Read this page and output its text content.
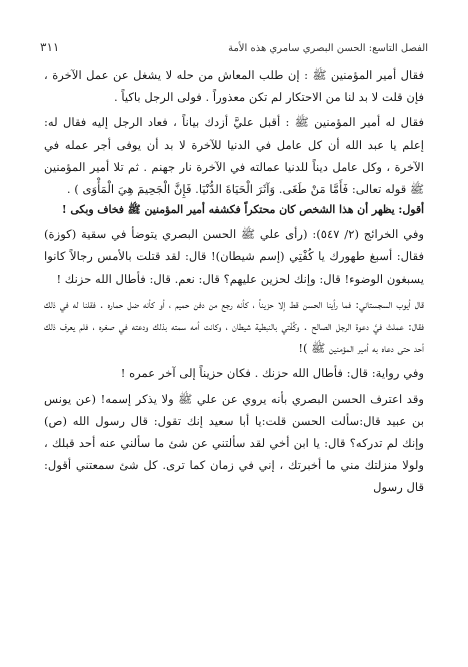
الفصل التاسع: الحسن البصري سامري هذه الأمة
٣١١

فقال أمير المؤمنين ﷺ : إن طلب المعاش من حله لا يشغل عن عمل الآخرة ، فإن قلت لا بد لنا من الاحتكار لم تكن معذوراً . فولى الرجل باكياً .

فقال له أمير المؤمنين ﷺ : أقبل عليَّ أزدك بياناً ، فعاد الرجل إليه فقال له: إعلم يا عبد الله أن كل عامل في الدنيا للآخرة لا بد أن يوفى أجر عمله في الآخرة ، وكل عامل ديناً للدنيا عمالته في الآخرة نار جهنم . ثم تلا أمير المؤمنين ﷺ قوله تعالى: فَأَمَّا مَنْ طَغَى. وَآثَرَ الْحَيَاةَ الدُّنْيَا. فَإِنَّ الْجَحِيمَ هِيَ الْمَأْوَى ) .

أقول: يظهر أن هذا الشخص كان محتكراً فكشفه أمير المؤمنين ﷺ فخاف وبكى !

وفي الخرائج (٢/ ٥٤٧): (رأى علي ﷺ الحسن البصري يتوضأ في سقية (كوزة) فقال: أسبغ طهورك يا كُفْتِي (إسم شيطان)! قال: لقد قتلت بالأمس رجالاً كانوا يسبغون الوضوء! قال: وإنك لحزين عليهم؟ قال: نعم. قال: فأطال الله حزنك !

قال أيوب السجستاني: فما رأينا الحسن قط إلا حزيناً ، كأنه رجع من دفن حميم ، أو كأنه ضل حماره . فقلنا له في ذلك فقال: عملتْ فيَّ دعوة الرجل الصالح . وكُفْتي بالنبطية شيطان ، وكانت أمه سمته بذلك ودعته في صغره ، فلم يعرف ذلك أحد حتى دعاه به أمير المؤمنين ﷺ )!

وفي رواية: قال: فأطال الله حزنك . فكان حزيناً إلى آخر عمره !

وقد اعترف الحسن البصري بأنه يروي عن علي ﷺ ولا يذكر إسمه! (عن يونس بن عبيد قال:سألت الحسن قلت:يا أبا سعيد إنك تقول: قال رسول الله (ص) وإنك لم تدركه؟ قال: يا ابن أخي لقد سألتني عن شئ ما سألني عنه أحد قبلك ، ولولا منزلتك مني ما أخبرتك ، إني في زمان كما ترى. كل شئ سمعتني أقول: قال رسول
